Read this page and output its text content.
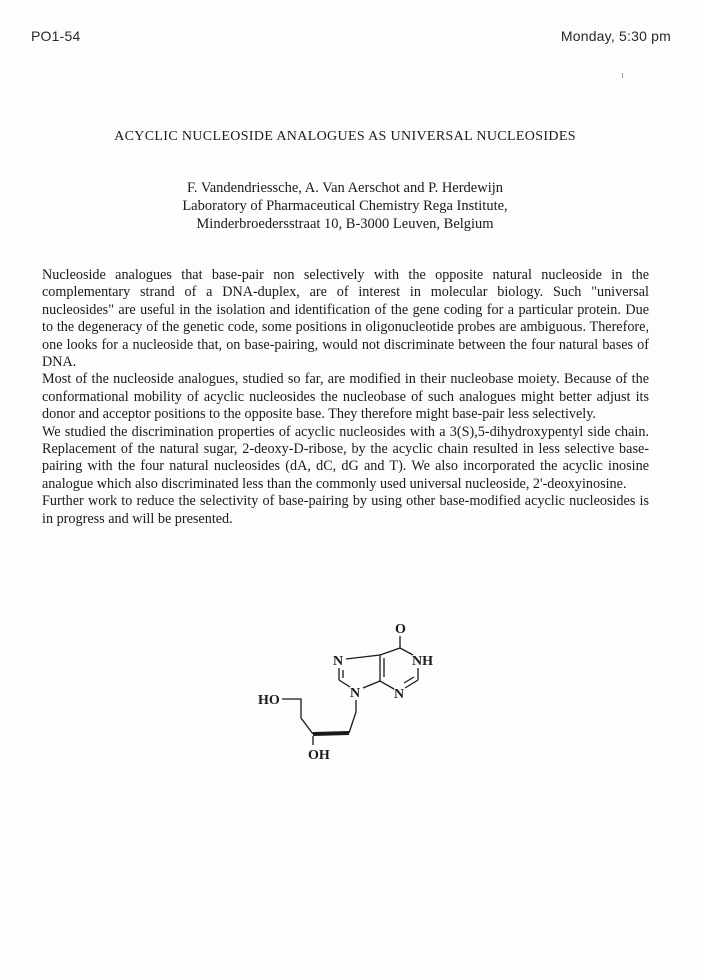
PO1-54	Monday, 5:30 pm
ACYCLIC NUCLEOSIDE ANALOGUES AS UNIVERSAL NUCLEOSIDES
F. Vandendriessche, A. Van Aerschot and P. Herdewijn
Laboratory of Pharmaceutical Chemistry Rega Institute,
Minderbroedersstraat 10, B-3000 Leuven, Belgium

Nucleoside analogues that base-pair non selectively with the opposite natural nucleoside in the complementary strand of a DNA-duplex, are of interest in molecular biology. Such "universal nucleosides" are useful in the isolation and identification of the gene coding for a particular protein. Due to the degeneracy of the genetic code, some positions in oligonucleotide probes are ambiguous. Therefore, one looks for a nucleoside that, on base-pairing, would not discriminate between the four natural bases of DNA.

Most of the nucleoside analogues, studied so far, are modified in their nucleobase moiety. Because of the conformational mobility of acyclic nucleosides the nucleobase of such analogues might better adjust its donor and acceptor positions to the opposite base. They therefore might base-pair less selectively.

We studied the discrimination properties of acyclic nucleosides with a 3(S),5-dihydroxypentyl side chain. Replacement of the natural sugar, 2-deoxy-D-ribose, by the acyclic chain resulted in less selective base-pairing with the four natural nucleosides (dA, dC, dG and T). We also incorporated the acyclic inosine analogue which also discriminated less than the commonly used universal nucleoside, 2'-deoxyinosine.

Further work to reduce the selectivity of base-pairing by using other base-modified acyclic nucleosides is in progress and will be presented.

O
NH
N
N
N
HO
OH
